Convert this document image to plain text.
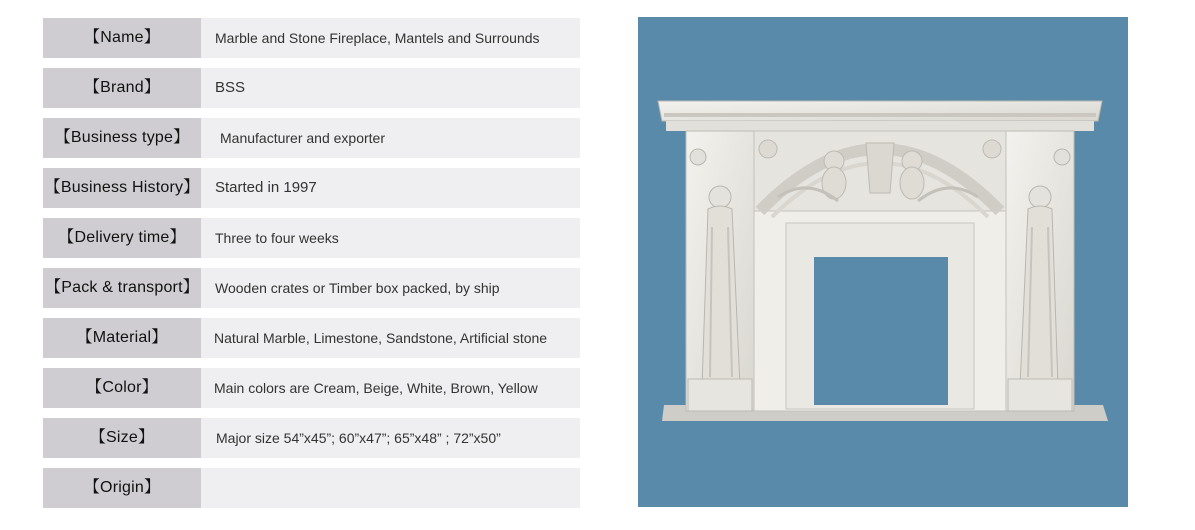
【Name】	Marble and Stone Fireplace, Mantels and Surrounds
【Brand】	BSS
【Business type】	Manufacturer and exporter
【Business History】	Started in 1997
【Delivery time】	Three to four weeks
【Pack & transport】	Wooden crates or Timber box packed, by ship
【Material】	Natural Marble, Limestone, Sandstone, Artificial stone
【Color】	Main colors are Cream, Beige, White, Brown, Yellow
【Size】	Major size 54”x45”; 60”x47”; 65”x48” ; 72”x50”
【Origin】
